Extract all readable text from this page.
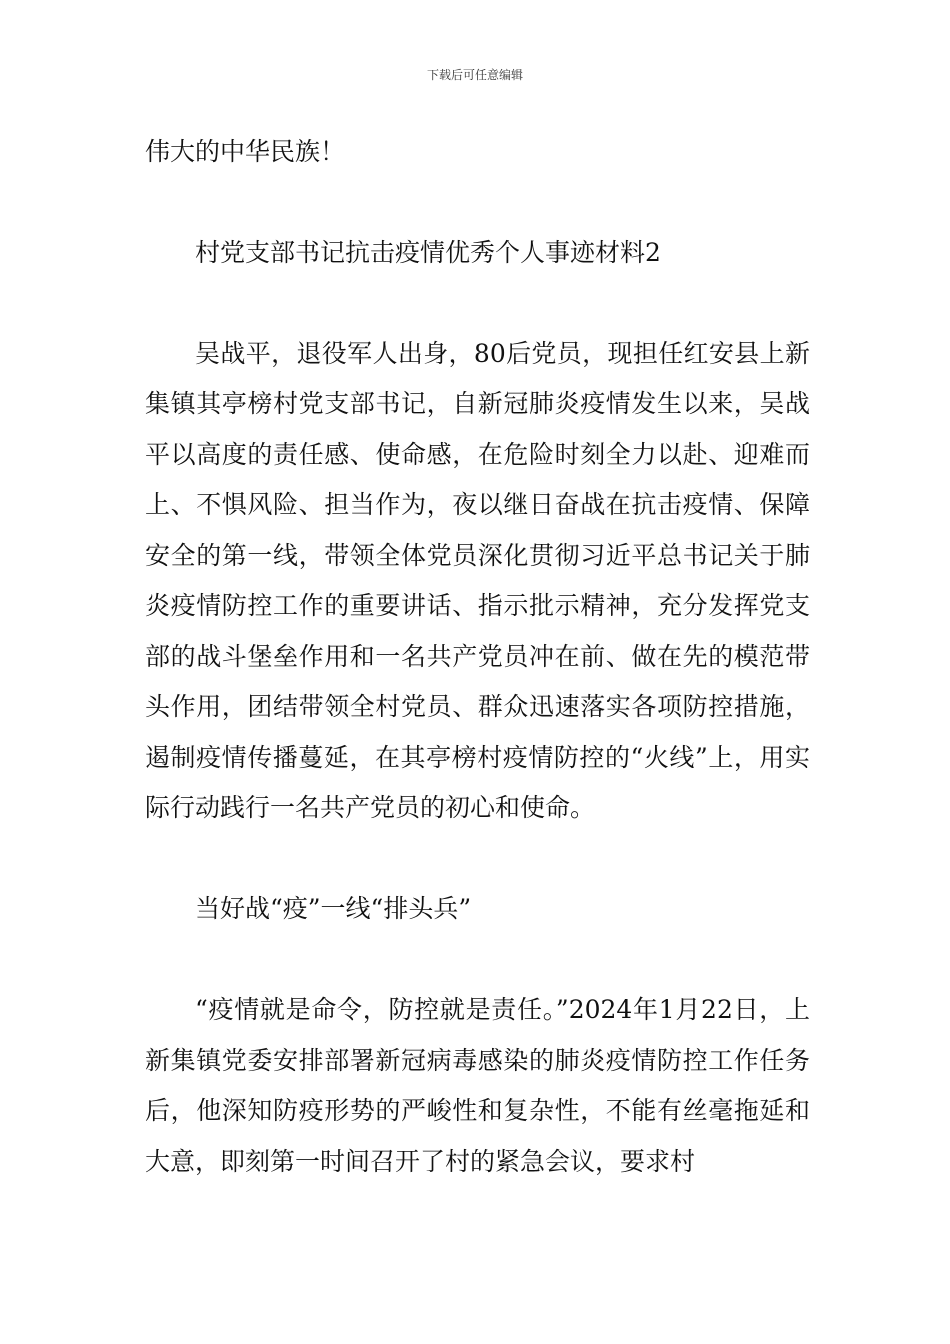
下载后可任意编辑

伟大的中华民族！

村党支部书记抗击疫情优秀个人事迹材料2

吴战平，退役军人出身，80后党员，现担任红安县上新集镇其亭榜村党支部书记，自新冠肺炎疫情发生以来，吴战平以高度的责任感、使命感，在危险时刻全力以赴、迎难而上、不惧风险、担当作为，夜以继日奋战在抗击疫情、保障安全的第一线，带领全体党员深化贯彻习近平总书记关于肺炎疫情防控工作的重要讲话、指示批示精神，充分发挥党支部的战斗堡垒作用和一名共产党员冲在前、做在先的模范带头作用，团结带领全村党员、群众迅速落实各项防控措施，遏制疫情传播蔓延，在其亭榜村疫情防控的“火线”上，用实际行动践行一名共产党员的初心和使命。

当好战“疫”一线“排头兵”

“疫情就是命令，防控就是责任。”2024年1月22日，上新集镇党委安排部署新冠病毒感染的肺炎疫情防控工作任务后，他深知防疫形势的严峻性和复杂性，不能有丝毫拖延和大意，即刻第一时间召开了村的紧急会议，要求村
